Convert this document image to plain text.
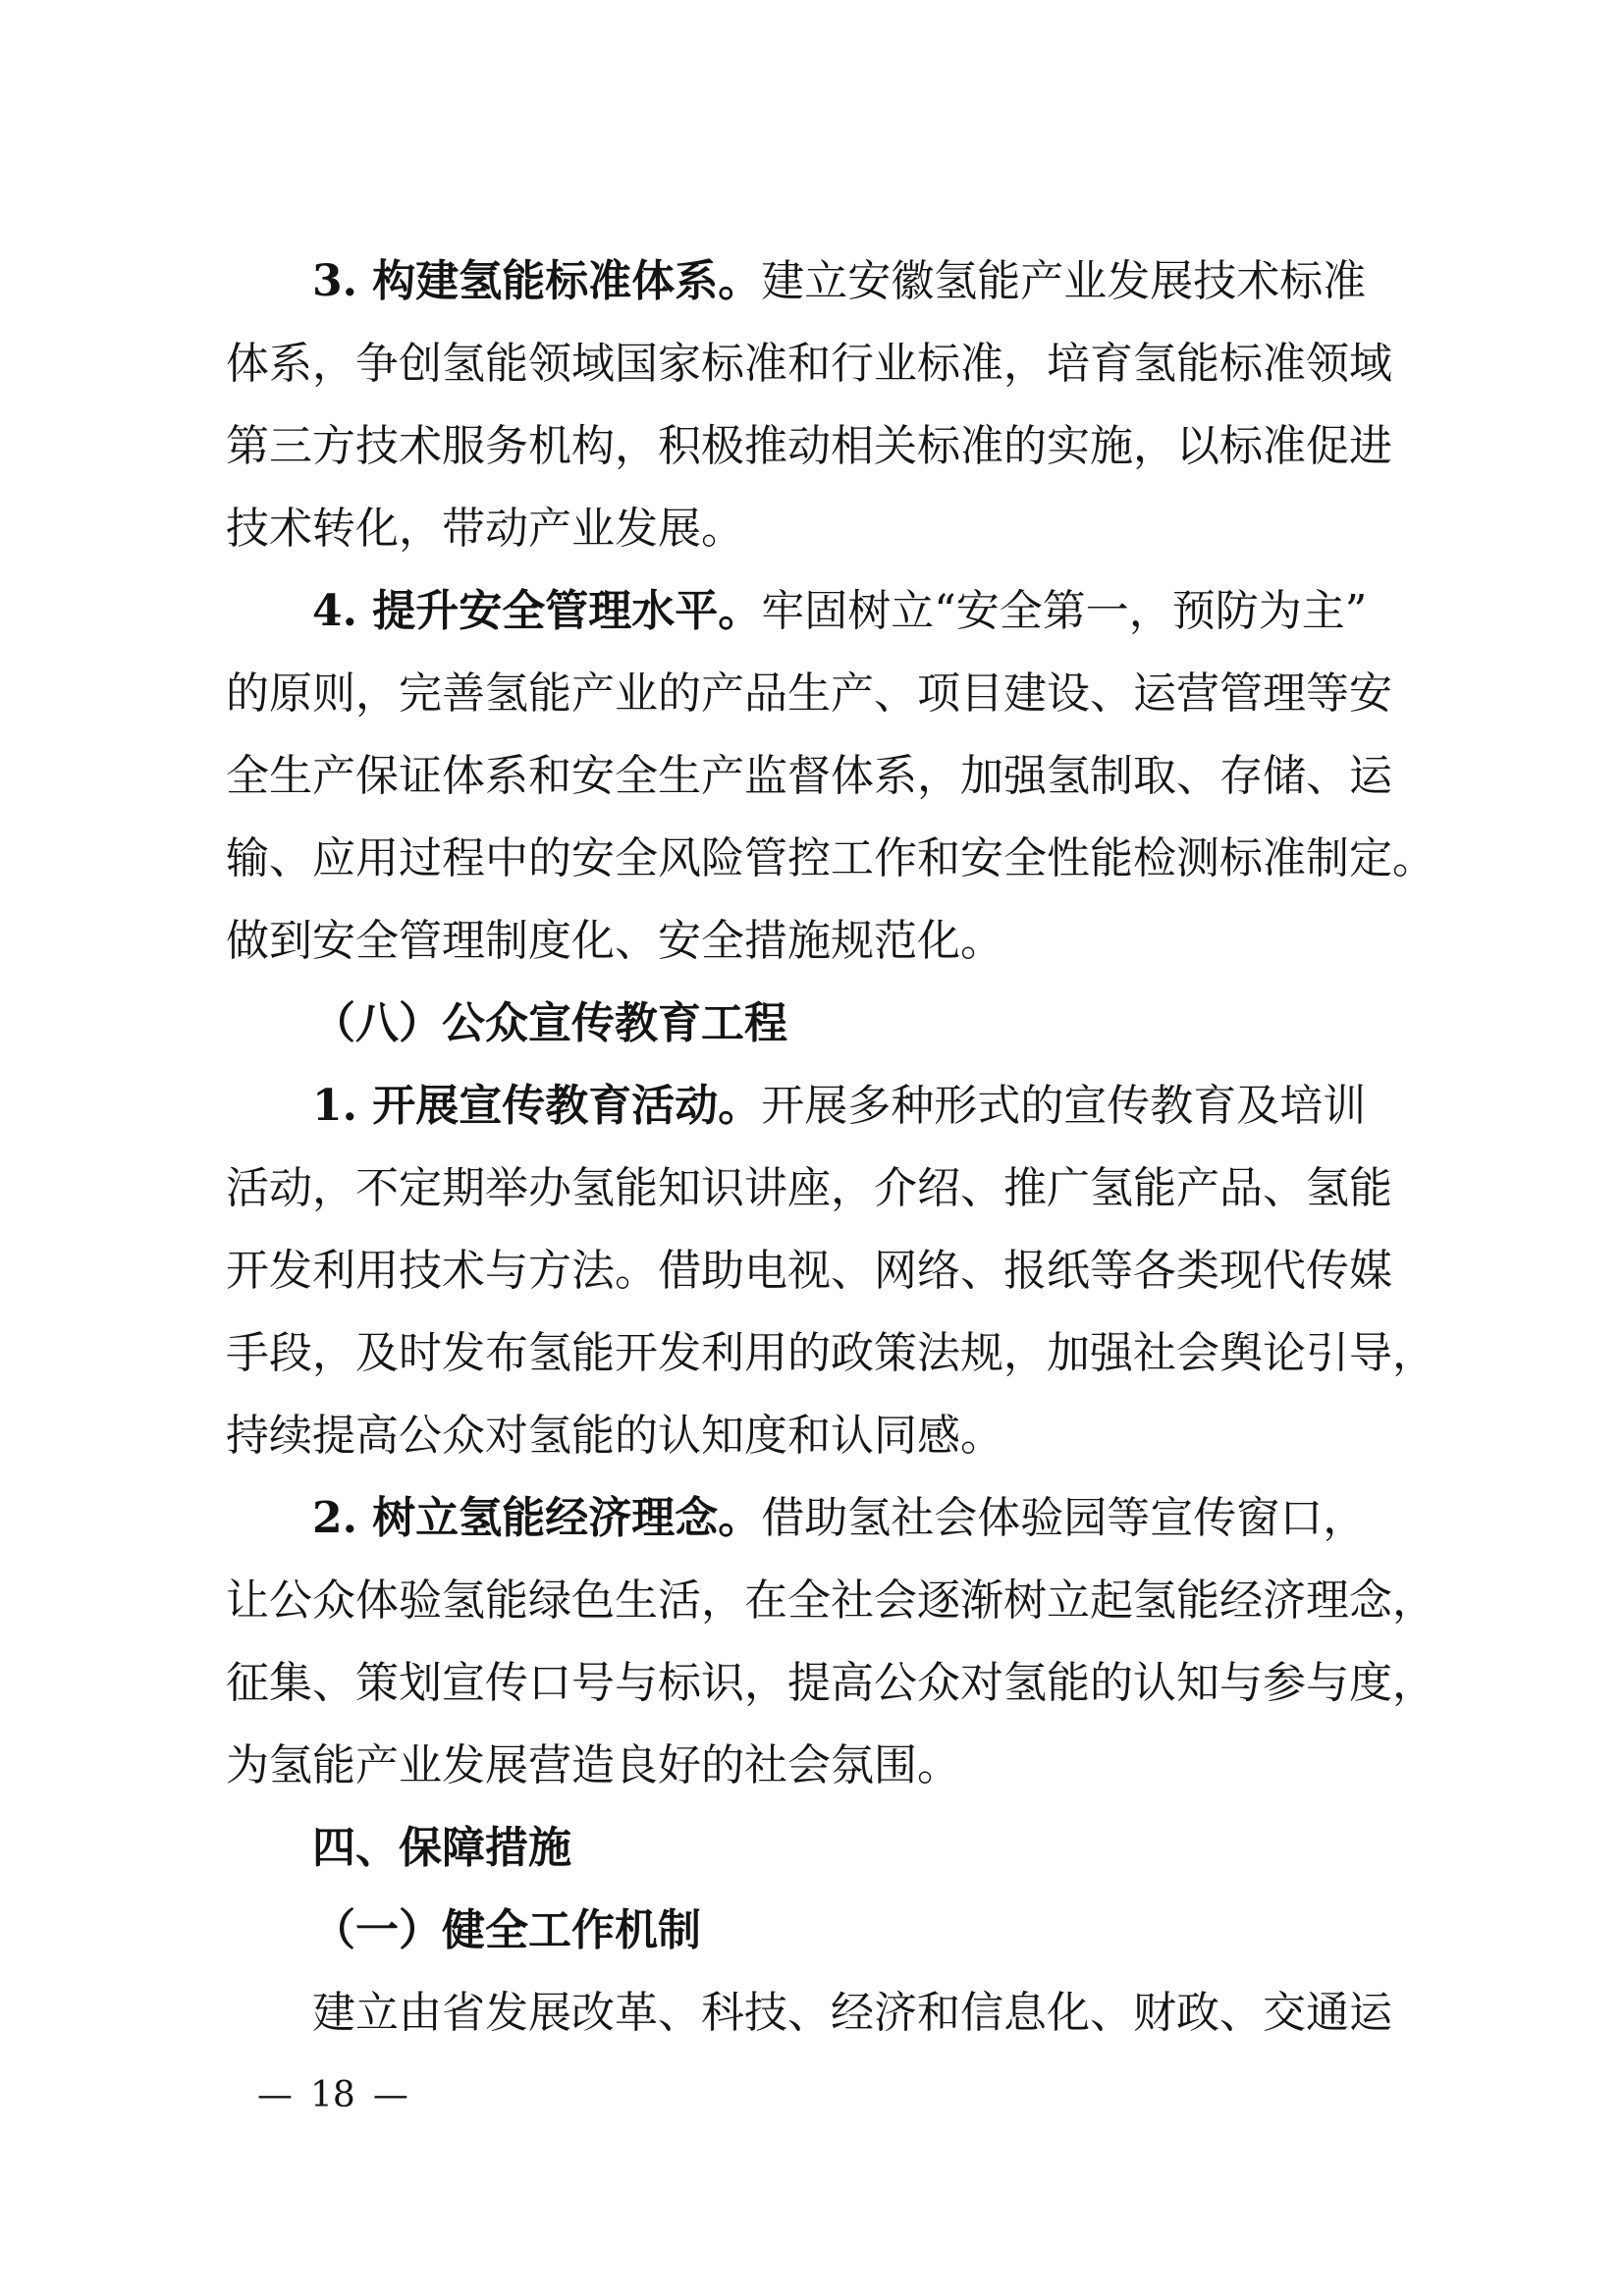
3. 构建氢能标准体系。建立安徽氢能产业发展技术标准
体系，争创氢能领域国家标准和行业标准，培育氢能标准领域
第三方技术服务机构，积极推动相关标准的实施，以标准促进
技术转化，带动产业发展。
4. 提升安全管理水平。牢固树立“安全第一，预防为主”
的原则，完善氢能产业的产品生产、项目建设、运营管理等安
全生产保证体系和安全生产监督体系，加强氢制取、存储、运
输、应用过程中的安全风险管控工作和安全性能检测标准制定。
做到安全管理制度化、安全措施规范化。
（八）公众宣传教育工程
1. 开展宣传教育活动。开展多种形式的宣传教育及培训
活动，不定期举办氢能知识讲座，介绍、推广氢能产品、氢能
开发利用技术与方法。借助电视、网络、报纸等各类现代传媒
手段，及时发布氢能开发利用的政策法规，加强社会舆论引导，
持续提高公众对氢能的认知度和认同感。
2. 树立氢能经济理念。借助氢社会体验园等宣传窗口，
让公众体验氢能绿色生活，在全社会逐渐树立起氢能经济理念，
征集、策划宣传口号与标识，提高公众对氢能的认知与参与度，
为氢能产业发展营造良好的社会氛围。
四、保障措施
（一）健全工作机制
建立由省发展改革、科技、经济和信息化、财政、交通运
— 18 —
